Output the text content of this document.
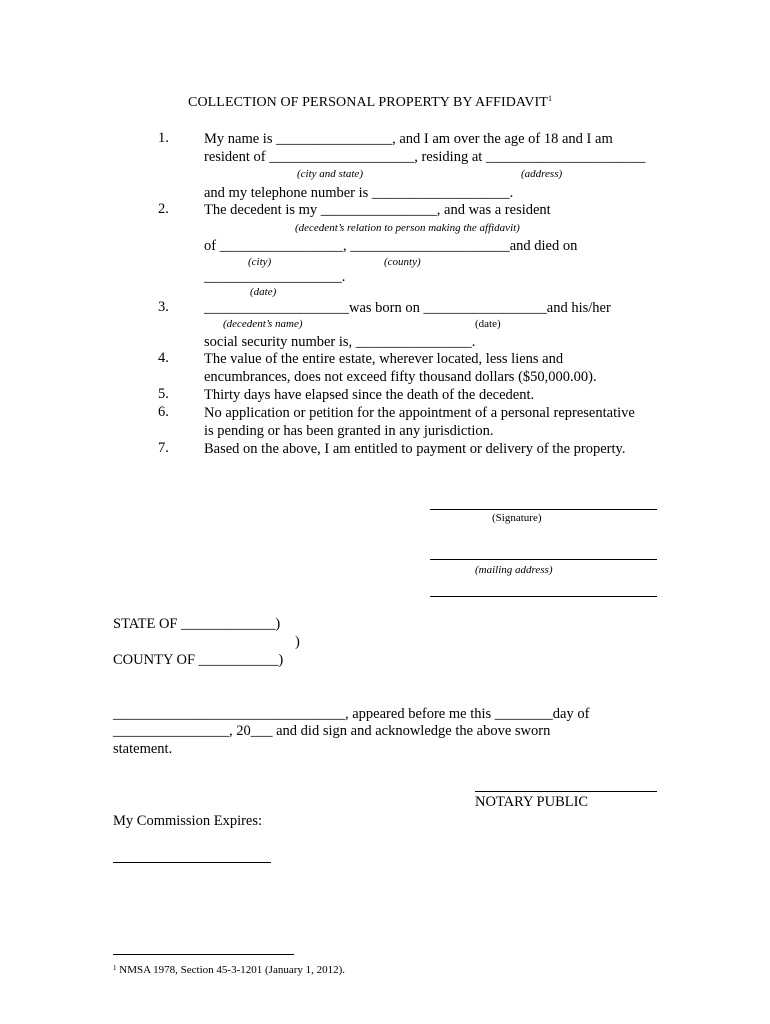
COLLECTION OF PERSONAL PROPERTY BY AFFIDAVIT$^1$
1. My name is ________________, and I am over the age of 18 and I am
resident of ____________________, residing at ______________________
(city and state)	(address)
and my telephone number is ___________________.
2. The decedent is my ________________, and was a resident
(decedent’s relation to person making the affidavit)
of _________________, ______________________and died on
(city)	(county)
___________________.
(date)
3. ____________________was born on _________________and his/her
(decedent’s name)	(date)
social security number is, ________________.
4. The value of the entire estate, wherever located, less liens and
encumbrances, does not exceed fifty thousand dollars ($50,000.00).
5. Thirty days have elapsed since the death of the decedent.
6. No application or petition for the appointment of a personal representative
is pending or has been granted in any jurisdiction.
7. Based on the above, I am entitled to payment or delivery of the property.
(Signature)
(mailing address)
STATE OF _____________)
)
COUNTY OF ___________)
________________________________, appeared before me this ________day of
________________, 20___ and did sign and acknowledge the above sworn
statement.
NOTARY PUBLIC
My Commission Expires:
$^1$ NMSA 1978, Section 45-3-1201 (January 1, 2012).
